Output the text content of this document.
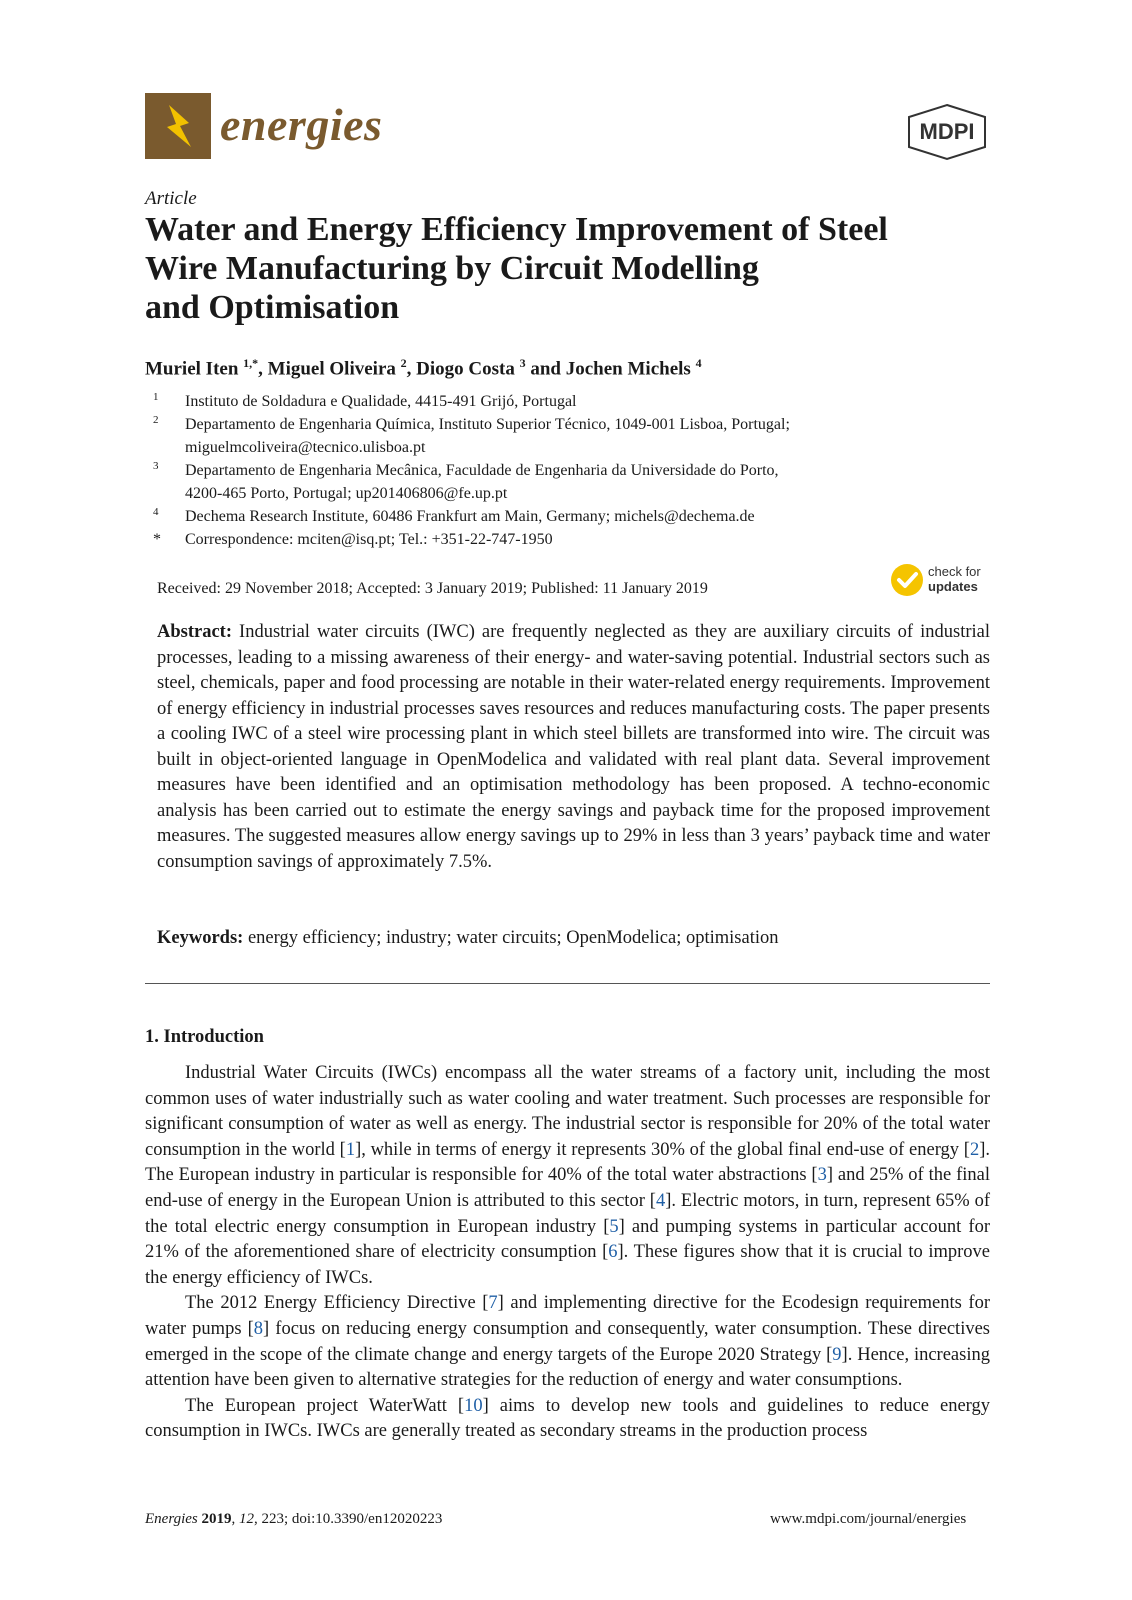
energies	MDPI
Article
Water and Energy Efficiency Improvement of Steel
Wire Manufacturing by Circuit Modelling
and Optimisation
Muriel Iten $^{1,*}$, Miguel Oliveira $^2$, Diogo Costa $^3$ and Jochen Michels $^4$
1 Instituto de Soldadura e Qualidade, 4415-491 Grijó, Portugal
2 Departamento de Engenharia Química, Instituto Superior Técnico, 1049-001 Lisboa, Portugal;
miguelmcoliveira@tecnico.ulisboa.pt
3 Departamento de Engenharia Mecânica, Faculdade de Engenharia da Universidade do Porto,
4200-465 Porto, Portugal; up201406806@fe.up.pt
4 Dechema Research Institute, 60486 Frankfurt am Main, Germany; michels@dechema.de
* Correspondence: mciten@isq.pt; Tel.: +351-22-747-1950
Received: 29 November 2018; Accepted: 3 January 2019; Published: 11 January 2019
check for
updates
Abstract: Industrial water circuits (IWC) are frequently neglected as they are auxiliary circuits of industrial processes, leading to a missing awareness of their energy- and water-saving potential. Industrial sectors such as steel, chemicals, paper and food processing are notable in their water-related energy requirements. Improvement of energy efficiency in industrial processes saves resources and reduces manufacturing costs. The paper presents a cooling IWC of a steel wire processing plant in which steel billets are transformed into wire. The circuit was built in object-oriented language in OpenModelica and validated with real plant data. Several improvement measures have been identified and an optimisation methodology has been proposed. A techno-economic analysis has been carried out to estimate the energy savings and payback time for the proposed improvement measures. The suggested measures allow energy savings up to 29% in less than 3 years’ payback time and water consumption savings of approximately 7.5%.
Keywords: energy efficiency; industry; water circuits; OpenModelica; optimisation
1. Introduction

Industrial Water Circuits (IWCs) encompass all the water streams of a factory unit, including the most common uses of water industrially such as water cooling and water treatment. Such processes are responsible for significant consumption of water as well as energy. The industrial sector is responsible for 20% of the total water consumption in the world [1], while in terms of energy it represents 30% of the global final end-use of energy [2]. The European industry in particular is responsible for 40% of the total water abstractions [3] and 25% of the final end-use of energy in the European Union is attributed to this sector [4]. Electric motors, in turn, represent 65% of the total electric energy consumption in European industry [5] and pumping systems in particular account for 21% of the aforementioned share of electricity consumption [6]. These figures show that it is crucial to improve the energy efficiency of IWCs.

The 2012 Energy Efficiency Directive [7] and implementing directive for the Ecodesign requirements for water pumps [8] focus on reducing energy consumption and consequently, water consumption. These directives emerged in the scope of the climate change and energy targets of the Europe 2020 Strategy [9]. Hence, increasing attention have been given to alternative strategies for the reduction of energy and water consumptions.

The European project WaterWatt [10] aims to develop new tools and guidelines to reduce energy consumption in IWCs. IWCs are generally treated as secondary streams in the production process

Energies 2019, 12, 223; doi:10.3390/en12020223	www.mdpi.com/journal/energies
